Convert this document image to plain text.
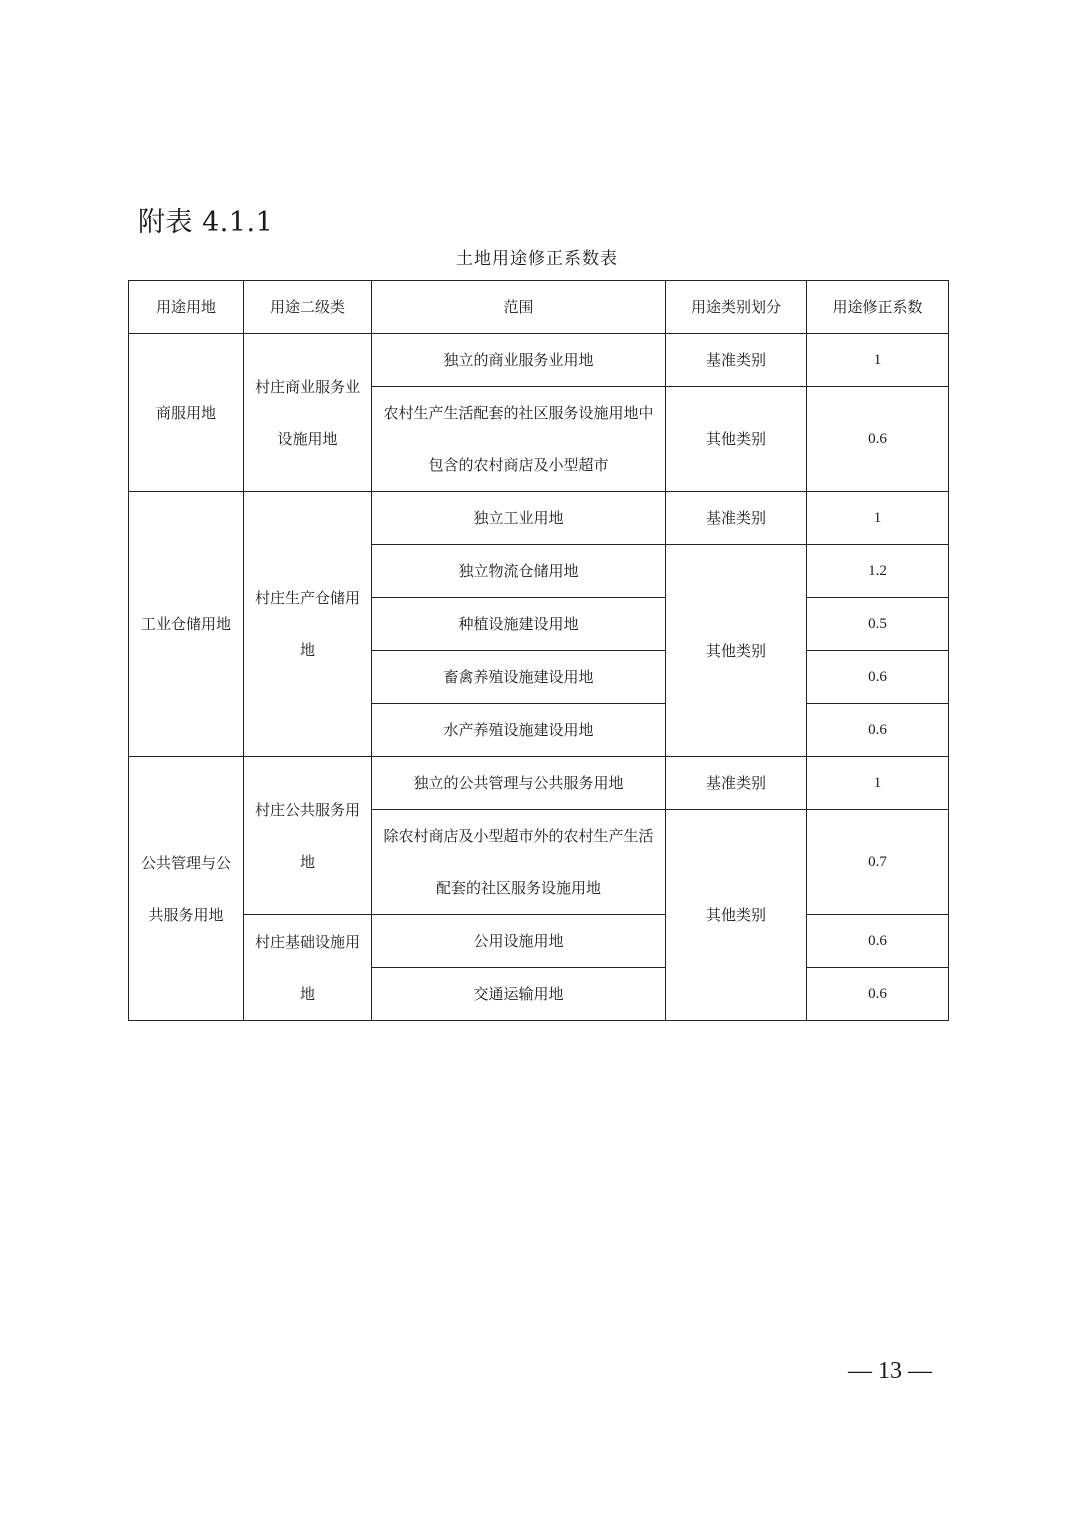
附表 4.1.1
土地用途修正系数表
用途用地	用途二级类	范围	用途类别划分	用途修正系数
商服用地	村庄商业服务业设施用地	独立的商业服务业用地	基准类别	1
		农村生产生活配套的社区服务设施用地中包含的农村商店及小型超市	其他类别	0.6

工业仓储用地	村庄生产仓储用地	独立工业用地	基准类别	1
		独立物流仓储用地	其他类别	1.2
		种植设施建设用地		0.5
		畜禽养殖设施建设用地		0.6
		水产养殖设施建设用地		0.6
公共管理与公共服务用地	村庄公共服务用地	独立的公共管理与公共服务用地	基准类别	1
		除农村商店及小型超市外的农村生产生活配套的社区服务设施用地	其他类别	0.7

	村庄基础设施用地	公用设施用地		0.6
		交通运输用地		0.6
— 13 —
